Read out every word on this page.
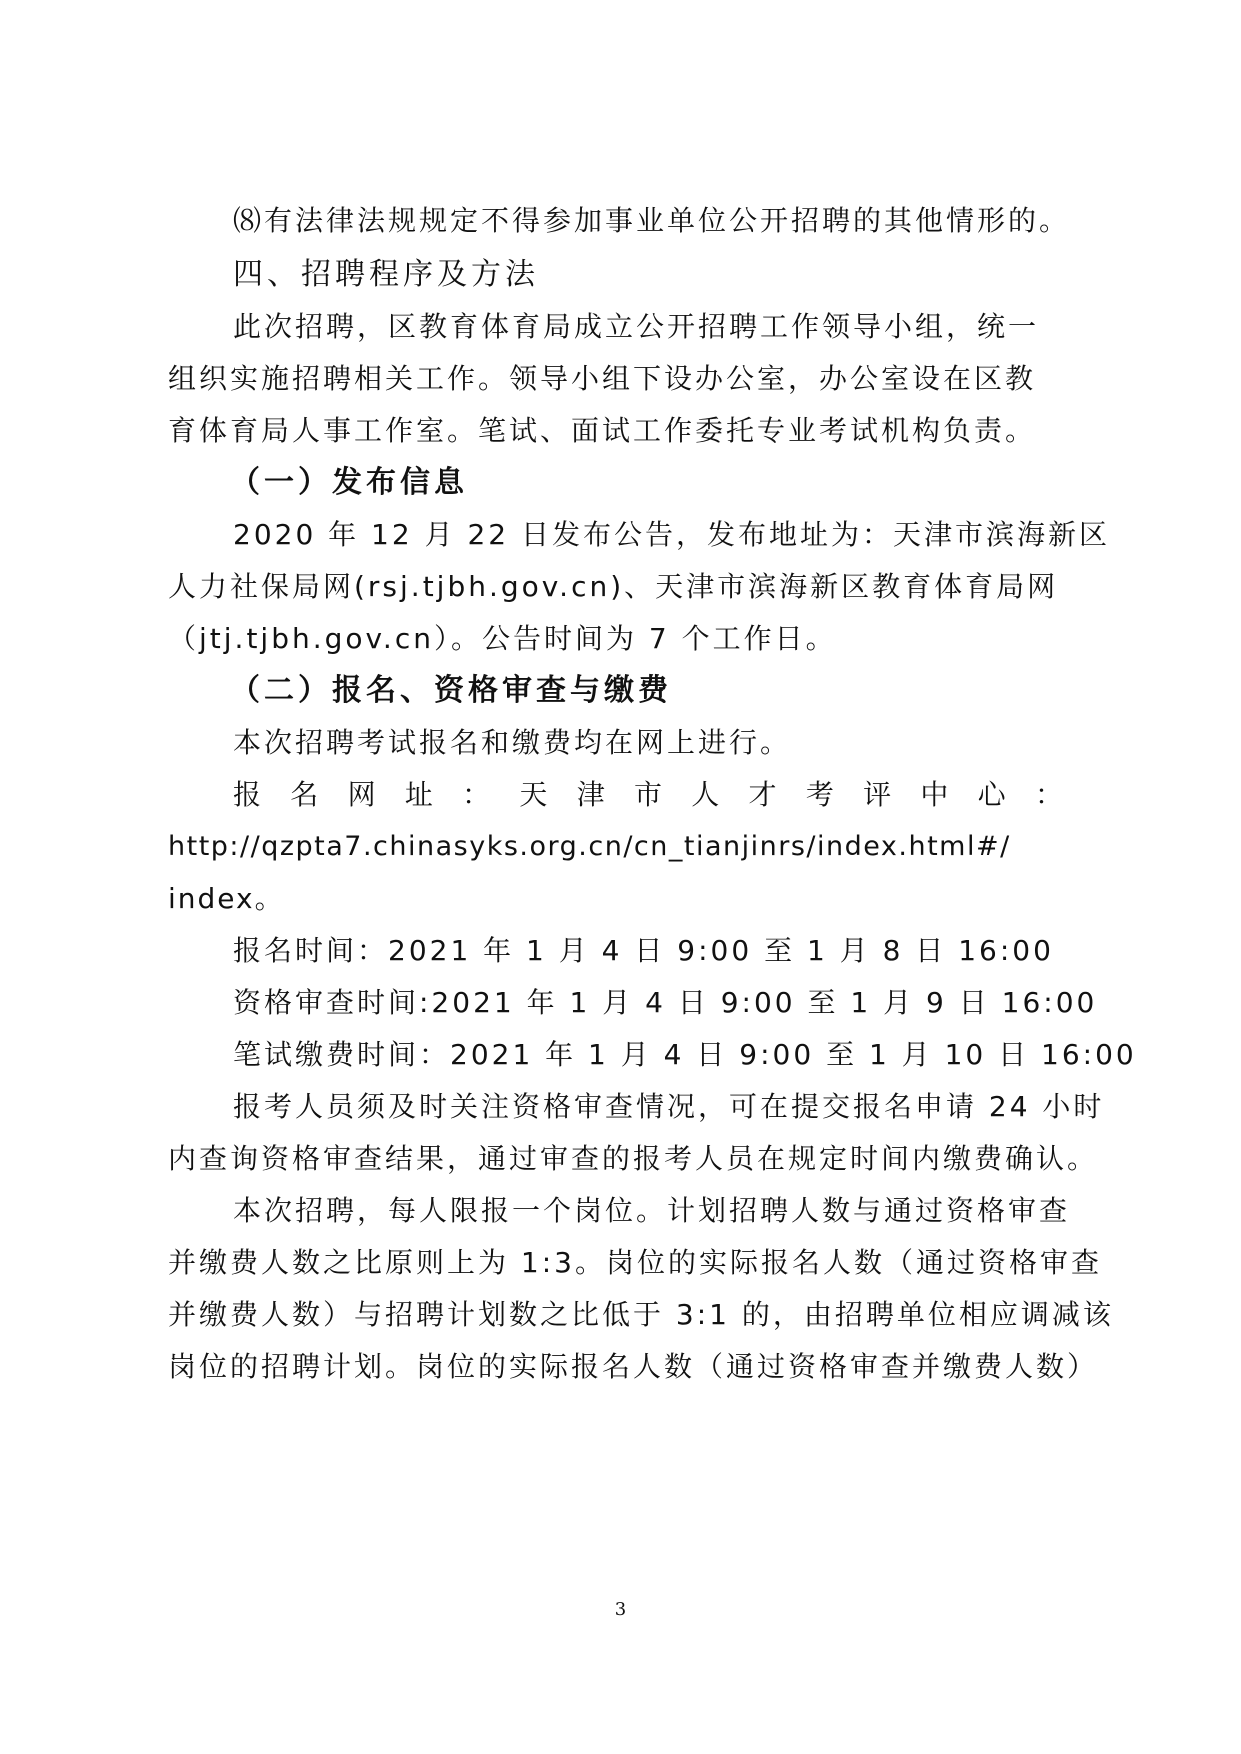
⑻有法律法规规定不得参加事业单位公开招聘的其他情形的。
四、招聘程序及方法
此次招聘，区教育体育局成立公开招聘工作领导小组，统一
组织实施招聘相关工作。领导小组下设办公室，办公室设在区教
育体育局人事工作室。笔试、面试工作委托专业考试机构负责。
（一）发布信息
2020 年 12 月 22 日发布公告，发布地址为：天津市滨海新区
人力社保局网(rsj.tjbh.gov.cn)、天津市滨海新区教育体育局网
（jtj.tjbh.gov.cn）。公告时间为 7 个工作日。
（二）报名、资格审查与缴费
本次招聘考试报名和缴费均在网上进行。
报 名 网 址 ： 天 津 市 人 才 考 评 中 心 ：
http://qzpta7.chinasyks.org.cn/cn_tianjinrs/index.html#/
index。
报名时间：2021 年 1 月 4 日 9:00 至 1 月 8 日 16:00
资格审查时间:2021 年 1 月 4 日 9:00 至 1 月 9 日 16:00
笔试缴费时间：2021 年 1 月 4 日 9:00 至 1 月 10 日 16:00
报考人员须及时关注资格审查情况，可在提交报名申请 24 小时
内查询资格审查结果，通过审查的报考人员在规定时间内缴费确认。
本次招聘，每人限报一个岗位。计划招聘人数与通过资格审查
并缴费人数之比原则上为 1:3。岗位的实际报名人数（通过资格审查
并缴费人数）与招聘计划数之比低于 3:1 的，由招聘单位相应调减该
岗位的招聘计划。岗位的实际报名人数（通过资格审查并缴费人数）
3
